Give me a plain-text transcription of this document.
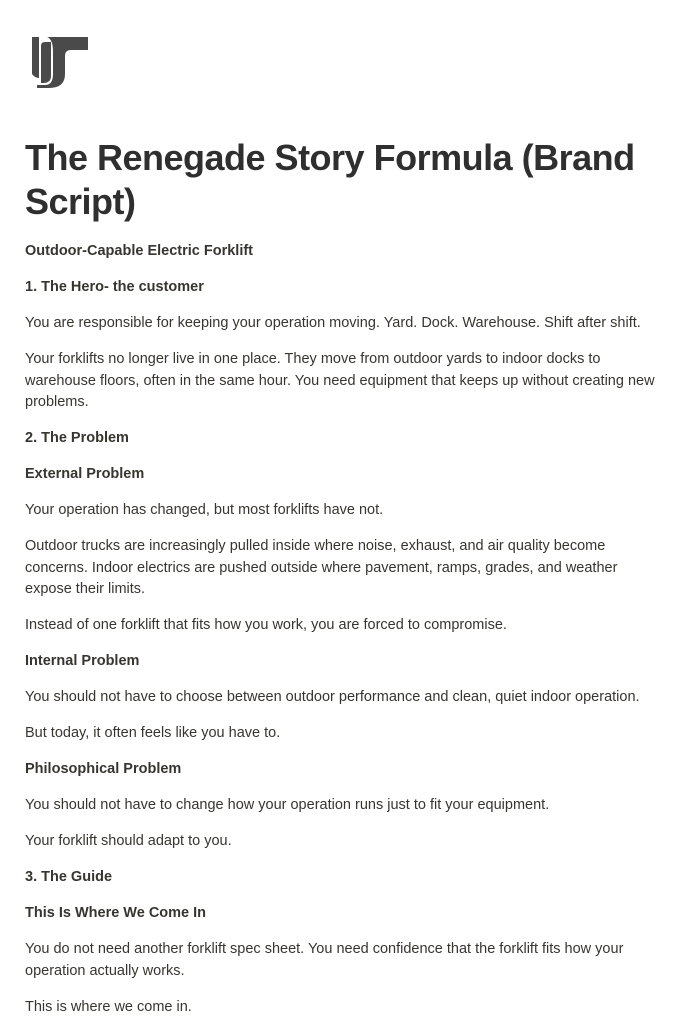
The Renegade Story Formula (Brand Script)

Outdoor-Capable Electric Forklift

1. The Hero- the customer

You are responsible for keeping your operation moving. Yard. Dock. Warehouse. Shift after shift.

Your forklifts no longer live in one place. They move from outdoor yards to indoor docks to warehouse floors, often in the same hour. You need equipment that keeps up without creating new problems.

2. The Problem

External Problem

Your operation has changed, but most forklifts have not.

Outdoor trucks are increasingly pulled inside where noise, exhaust, and air quality become concerns. Indoor electrics are pushed outside where pavement, ramps, grades, and weather expose their limits.

Instead of one forklift that fits how you work, you are forced to compromise.

Internal Problem

You should not have to choose between outdoor performance and clean, quiet indoor operation.

But today, it often feels like you have to.

Philosophical Problem

You should not have to change how your operation runs just to fit your equipment.

Your forklift should adapt to you.

3. The Guide

This Is Where We Come In

You do not need another forklift spec sheet. You need confidence that the forklift fits how your operation actually works.

This is where we come in.
